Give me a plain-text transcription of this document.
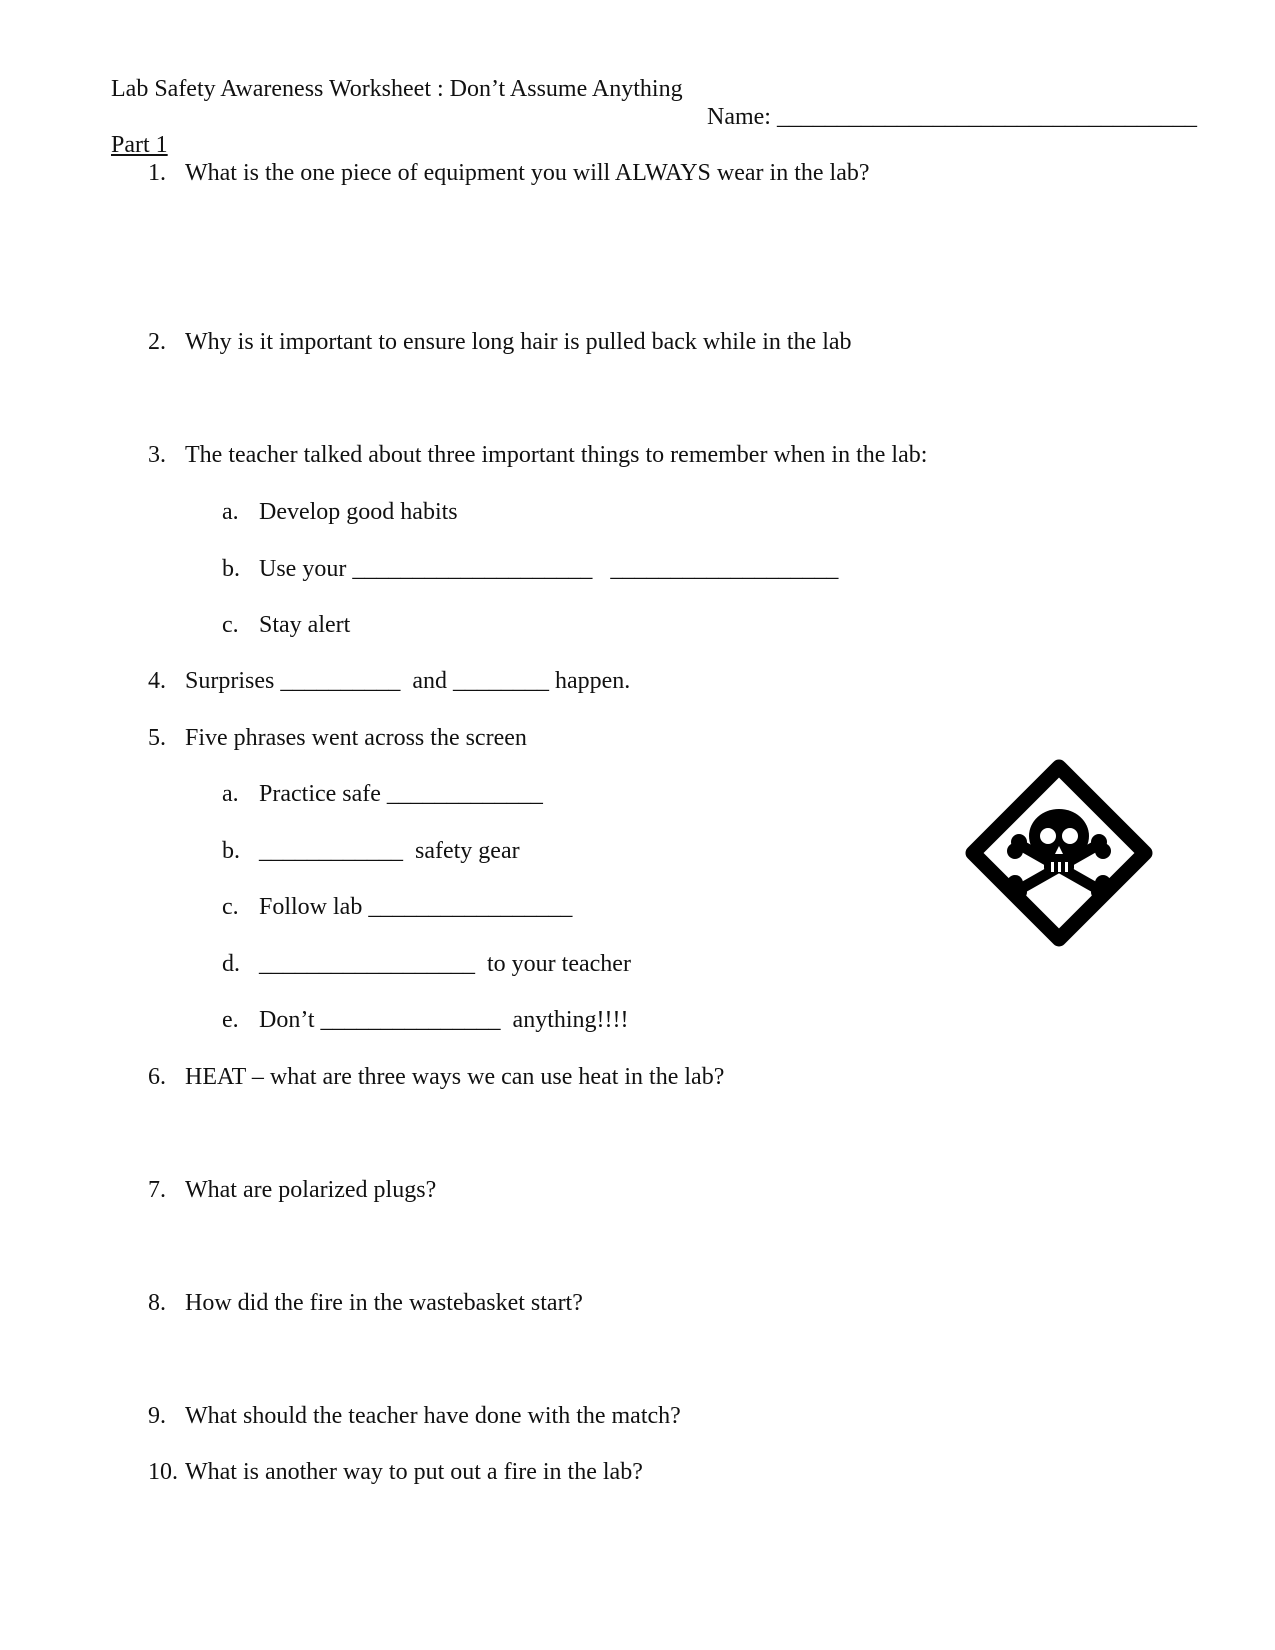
Lab Safety Awareness Worksheet : Don’t Assume Anything
Name: ___________________________________
Part 1
1. What is the one piece of equipment you will ALWAYS wear in the lab?
2. Why is it important to ensure long hair is pulled back while in the lab
3. The teacher talked about three important things to remember when in the lab:
a. Develop good habits
b. Use your ____________________   ___________________
c. Stay alert
4. Surprises __________  and ________ happen.
5. Five phrases went across the screen
a. Practice safe _____________
b. ____________  safety gear
c. Follow lab _________________
d. __________________  to your teacher
e. Don’t _______________  anything!!!!
6. HEAT – what are three ways we can use heat in the lab?
7. What are polarized plugs?
8. How did the fire in the wastebasket start?
9. What should the teacher have done with the match?
10. What is another way to put out a fire in the lab?
